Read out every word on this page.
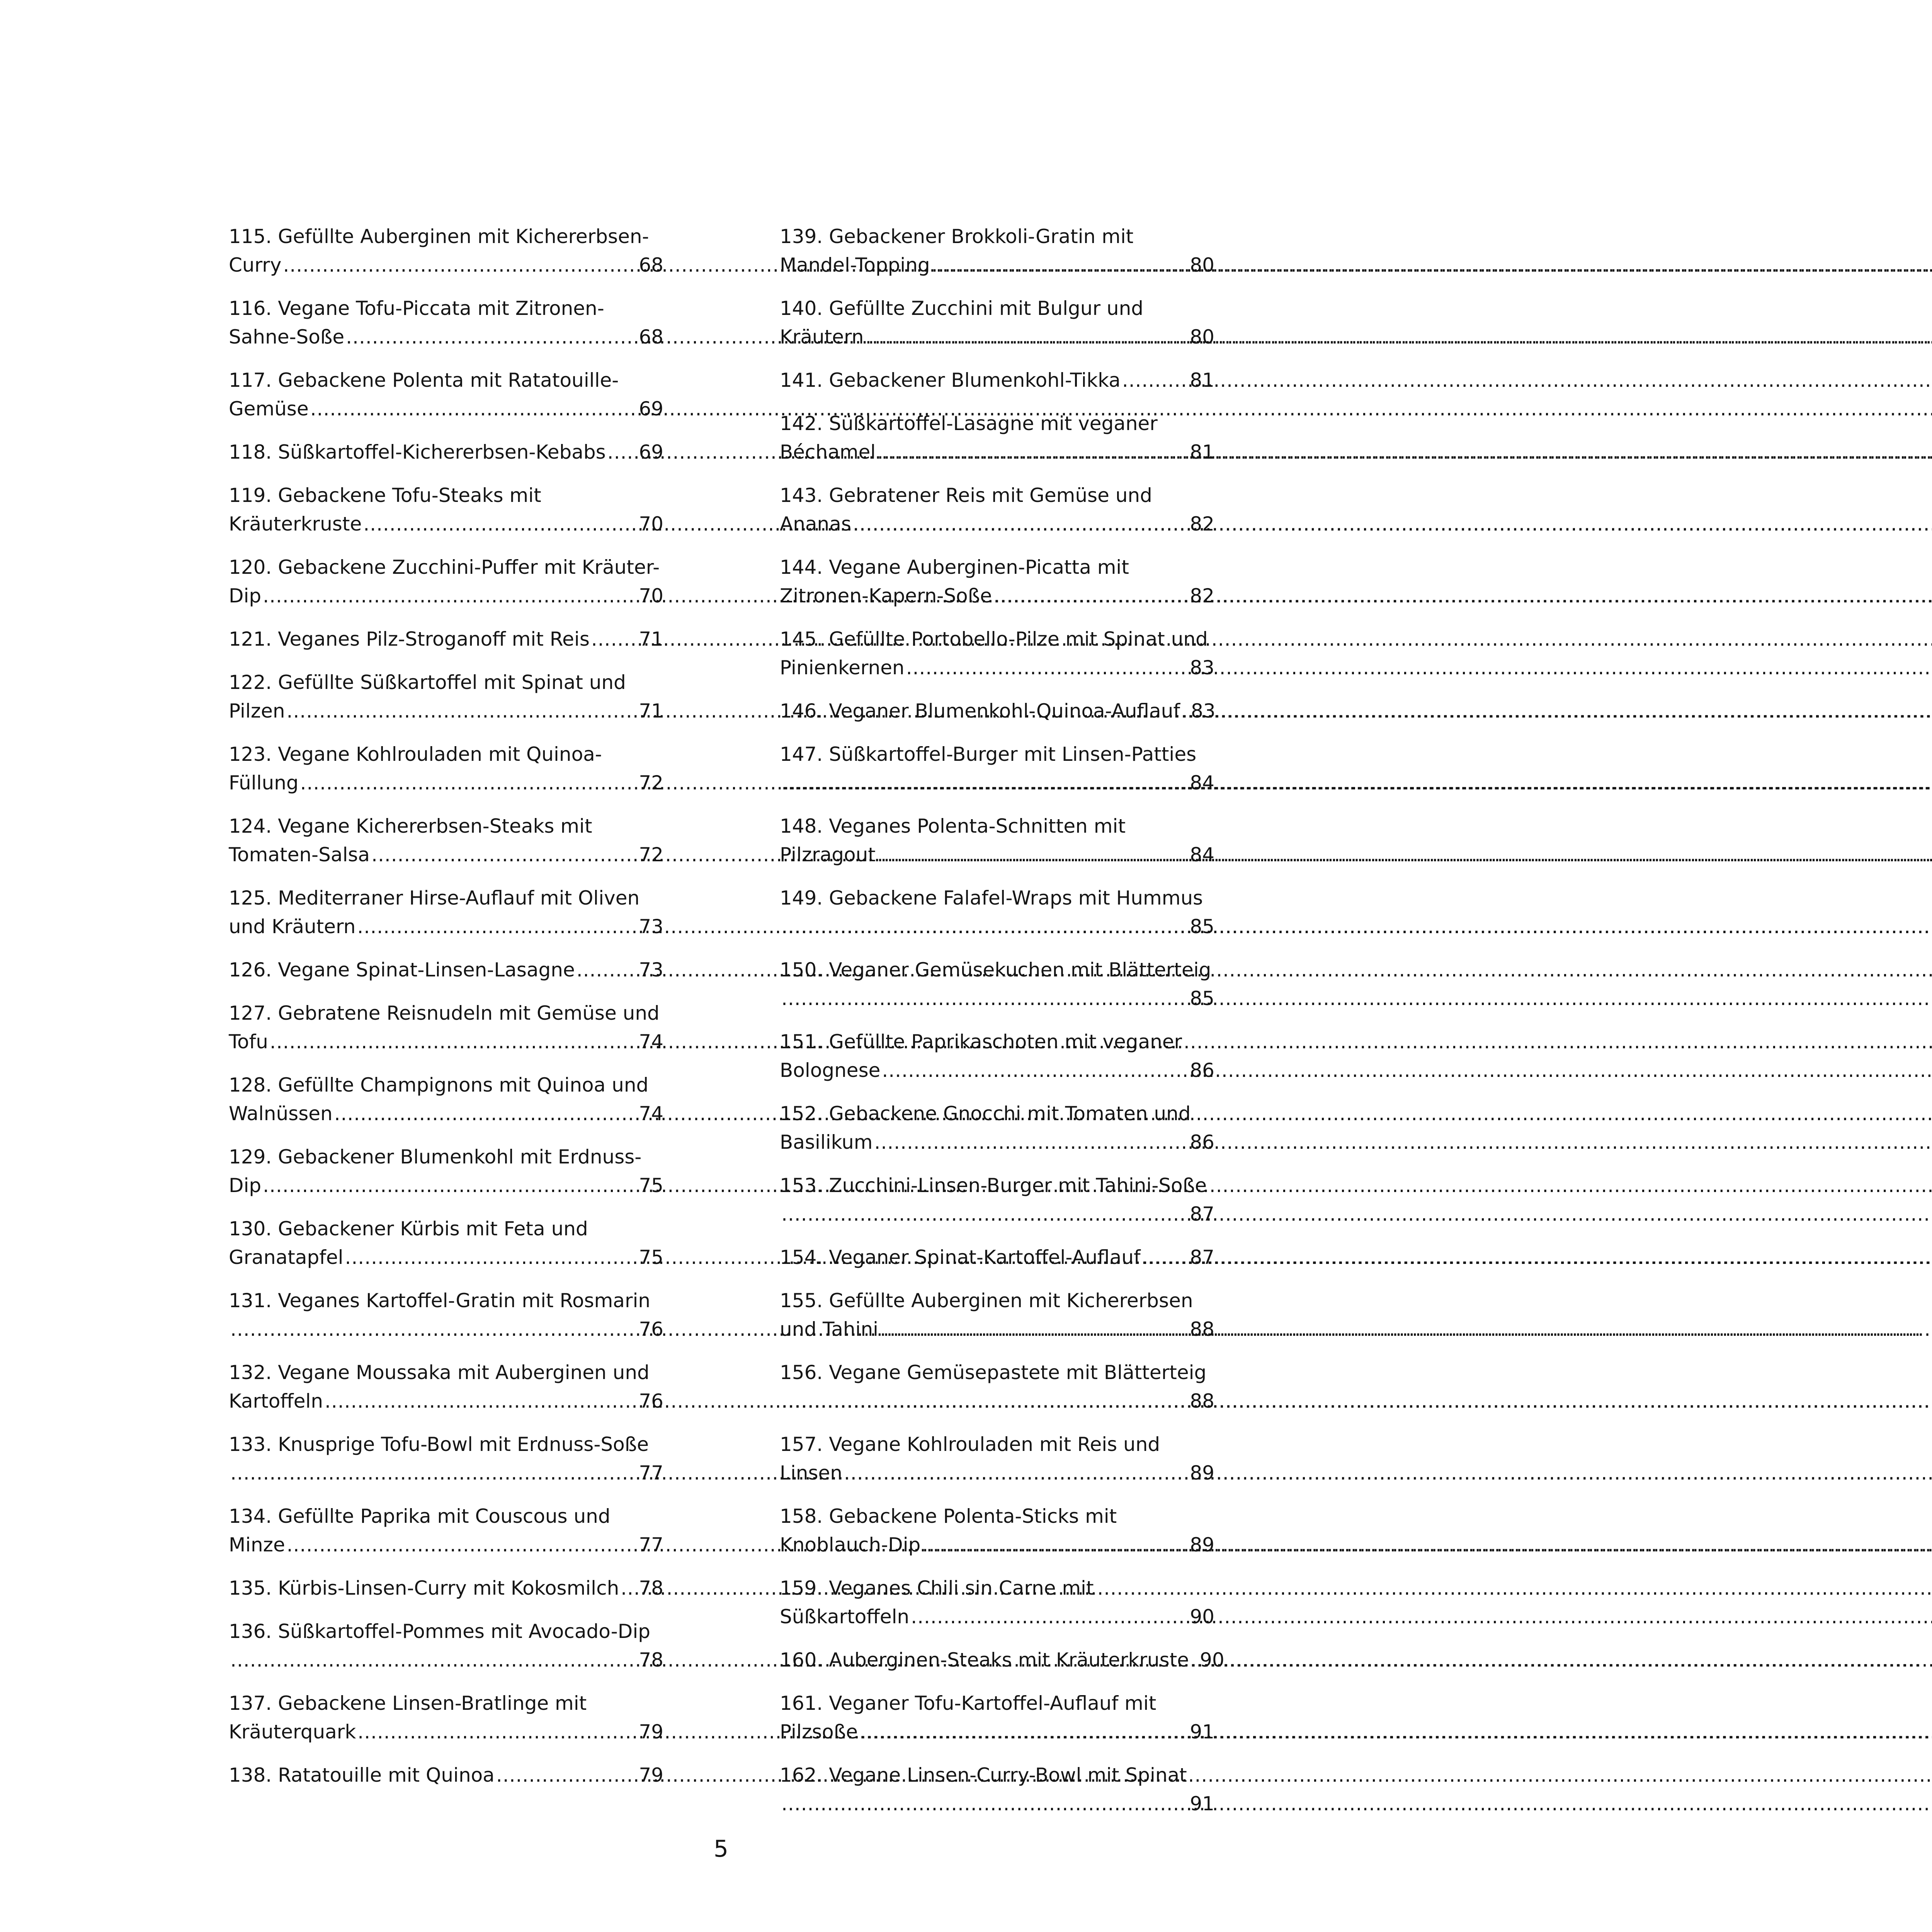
115. Gefüllte Auberginen mit Kichererbsen-
Curry .....	68
116. Vegane Tofu-Piccata mit Zitronen-
Sahne-Soße .....	68
117. Gebackene Polenta mit Ratatouille-
Gemüse .....	69
118. Süßkartoffel-Kichererbsen-Kebabs ..... 69
119. Gebackene Tofu-Steaks mit
Kräuterkruste .....	70
120. Gebackene Zucchini-Puffer mit Kräuter-
Dip .....	70
121. Veganes Pilz-Stroganoff mit Reis .....	71
122. Gefüllte Süßkartoffel mit Spinat und
Pilzen .....	71
123. Vegane Kohlrouladen mit Quinoa-
Füllung .....	72
124. Vegane Kichererbsen-Steaks mit
Tomaten-Salsa .....	72
125. Mediterraner Hirse-Auflauf mit Oliven
und Kräutern .....	73
126. Vegane Spinat-Linsen-Lasagne .....	73
127. Gebratene Reisnudeln mit Gemüse und
Tofu .....	74
128. Gefüllte Champignons mit Quinoa und
Walnüssen .....	74
129. Gebackener Blumenkohl mit Erdnuss-
Dip .....	75
130. Gebackener Kürbis mit Feta und
Granatapfel .....	75
131. Veganes Kartoffel-Gratin mit Rosmarin
.....
76
132. Vegane Moussaka mit Auberginen und
Kartoffeln .....	76
133. Knusprige Tofu-Bowl mit Erdnuss-Soße
.....
77
134. Gefüllte Paprika mit Couscous und
Minze .....	77
135. Kürbis-Linsen-Curry mit Kokosmilch ..... 78
136. Süßkartoffel-Pommes mit Avocado-Dip
.....
78
137. Gebackene Linsen-Bratlinge mit
Kräuterquark .....	79
138. Ratatouille mit Quinoa .....	79
139. Gebackener Brokkoli-Gratin mit
Mandel-Topping .....	80
140. Gefüllte Zucchini mit Bulgur und
Kräutern .....	80
141. Gebackener Blumenkohl-Tikka .....	81
142. Süßkartoffel-Lasagne mit veganer
Béchamel .....	81
143. Gebratener Reis mit Gemüse und
Ananas .....	82
144. Vegane Auberginen-Picatta mit
Zitronen-Kapern-Soße .....	82
145. Gefüllte Portobello-Pilze mit Spinat und
Pinienkernen .....	83
146. Veganer Blumenkohl-Quinoa-Auflauf ..... 83
147. Süßkartoffel-Burger mit Linsen-Patties
.....
84
148. Veganes Polenta-Schnitten mit
Pilzragout .....	84
149. Gebackene Falafel-Wraps mit Hummus
.....
85
150. Veganer Gemüsekuchen mit Blätterteig
.....
85
151. Gefüllte Paprikaschoten mit veganer
Bolognese .....	86
152. Gebackene Gnocchi mit Tomaten und
Basilikum .....	86
153. Zucchini-Linsen-Burger mit Tahini-Soße
.....
87
154. Veganer Spinat-Kartoffel-Auflauf .....	87
155. Gefüllte Auberginen mit Kichererbsen
und Tahini .....	88
156. Vegane Gemüsepastete mit Blätterteig
.....
88
157. Vegane Kohlrouladen mit Reis und
Linsen .....	89
158. Gebackene Polenta-Sticks mit
Knoblauch-Dip .....	89
159. Veganes Chili sin Carne mit
Süßkartoffeln .....	90
160. Auberginen-Steaks mit Kräuterkruste ..... 90
161. Veganer Tofu-Kartoffel-Auflauf mit
Pilzsoße .....	91
162. Vegane Linsen-Curry-Bowl mit Spinat
.....
91
5
